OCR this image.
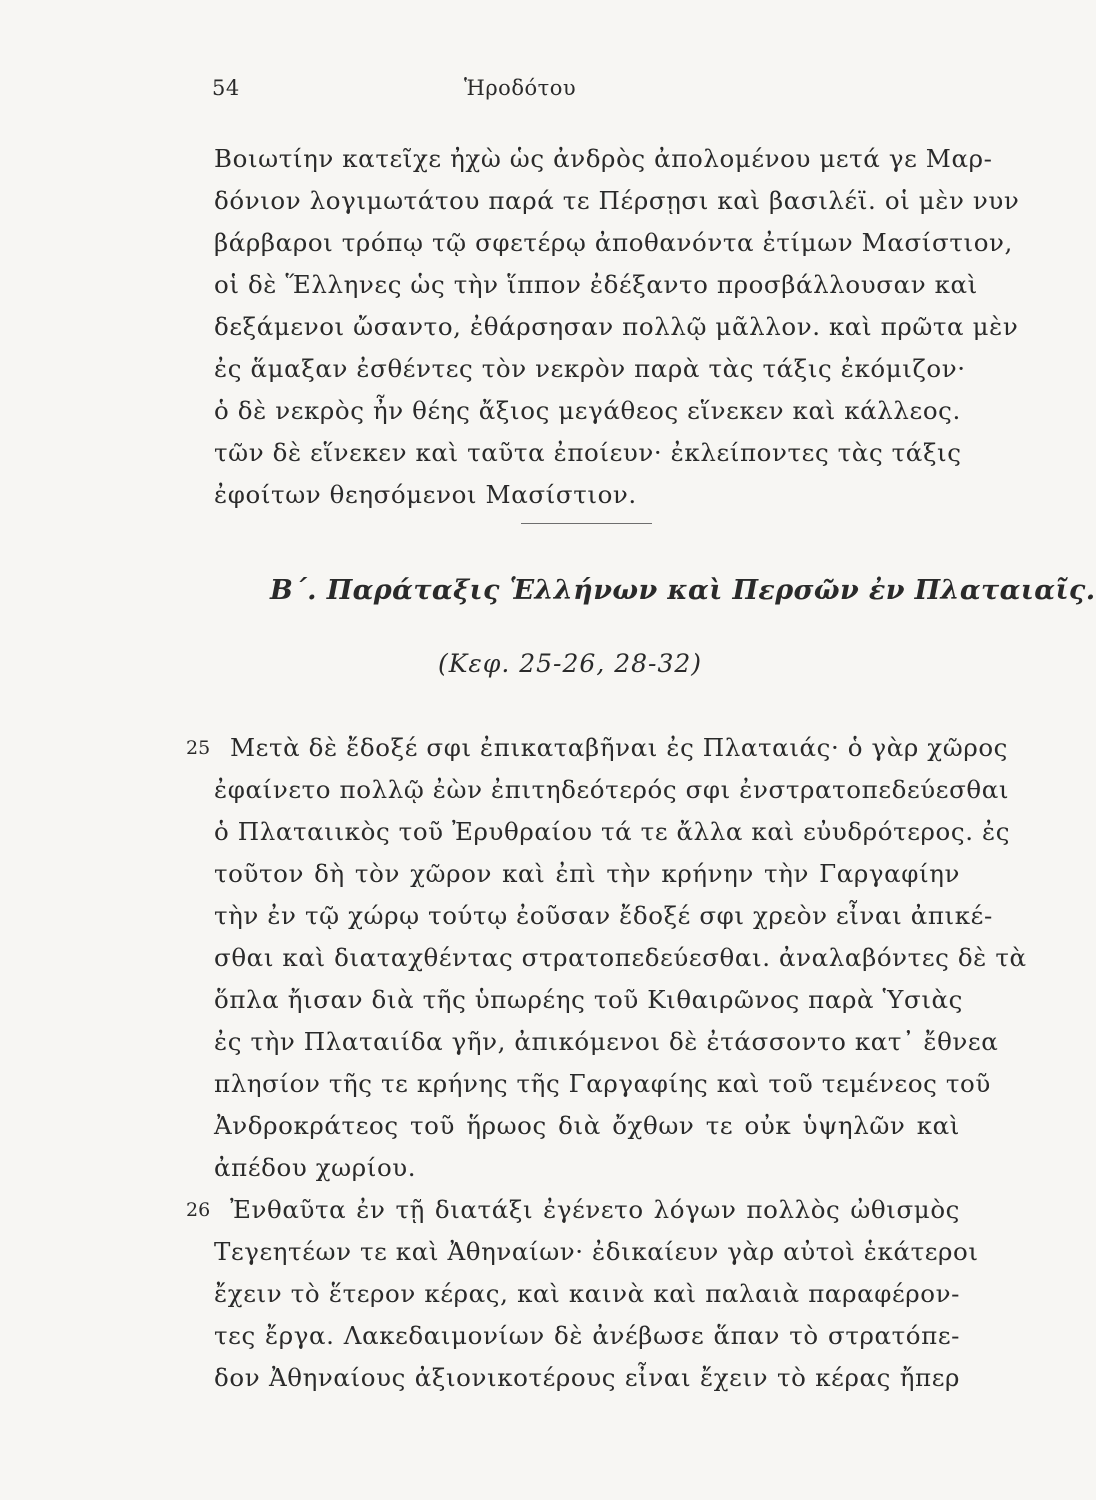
54	Ἡροδότου
Βοιωτίην κατεῖχε ἠχὼ ὡς ἀνδρὸς ἀπολομένου μετά γε Μαρ-
δόνιον λογιμωτάτου παρά τε Πέρσῃσι καὶ βασιλέϊ. οἱ μὲν νυν
βάρβαροι τρόπῳ τῷ σφετέρῳ ἀποθανόντα ἐτίμων Μασίστιον,
οἱ δὲ Ἕλληνες ὡς τὴν ἵππον ἐδέξαντο προσβάλλουσαν καὶ
δεξάμενοι ὤσαντο, ἐθάρσησαν πολλῷ μᾶλλον. καὶ πρῶτα μὲν
ἐς ἅμαξαν ἐσθέντες τὸν νεκρὸν παρὰ τὰς τάξις ἐκόμιζον·
ὁ δὲ νεκρὸς ἦν θέης ἄξιος μεγάθεος εἵνεκεν καὶ κάλλεος.
τῶν δὲ εἵνεκεν καὶ ταῦτα ἐποίευν· ἐκλείποντες τὰς τάξις
ἐφοίτων θεησόμενοι Μασίστιον.
Β΄. Παράταξις Ἑλλήνων καὶ Περσῶν ἐν Πλαταιαῖς.
(Κεφ. 25-26, 28-32)
25 Μετὰ δὲ ἔδοξέ σφι ἐπικαταβῆναι ἐς Πλαταιάς· ὁ γὰρ χῶρος
ἐφαίνετο πολλῷ ἐὼν ἐπιτηδεότερός σφι ἐνστρατοπεδεύεσθαι
ὁ Πλαταιικὸς τοῦ Ἐρυθραίου τά τε ἄλλα καὶ εὐυδρότερος. ἐς
τοῦτον δὴ τὸν χῶρον καὶ ἐπὶ τὴν κρήνην τὴν Γαργαφίην
τὴν ἐν τῷ χώρῳ τούτῳ ἐοῦσαν ἔδοξέ σφι χρεὸν εἶναι ἀπικέ-
σθαι καὶ διαταχθέντας στρατοπεδεύεσθαι. ἀναλαβόντες δὲ τὰ
ὅπλα ἤισαν διὰ τῆς ὑπωρέης τοῦ Κιθαιρῶνος παρὰ Ὑσιὰς
ἐς τὴν Πλαταιίδα γῆν, ἀπικόμενοι δὲ ἐτάσσοντο κατ᾽ ἔθνεα
πλησίον τῆς τε κρήνης τῆς Γαργαφίης καὶ τοῦ τεμένεος τοῦ
Ἀνδροκράτεος τοῦ ἥρωος διὰ ὄχθων τε οὐκ ὑψηλῶν καὶ
ἀπέδου χωρίου.
26 Ἐνθαῦτα ἐν τῇ διατάξι ἐγένετο λόγων πολλὸς ὠθισμὸς
Τεγεητέων τε καὶ Ἀθηναίων· ἐδικαίευν γὰρ αὐτοὶ ἑκάτεροι
ἔχειν τὸ ἕτερον κέρας, καὶ καινὰ καὶ παλαιὰ παραφέρον-
τες ἔργα. Λακεδαιμονίων δὲ ἀνέβωσε ἅπαν τὸ στρατόπε-
δον Ἀθηναίους ἀξιονικοτέρους εἶναι ἔχειν τὸ κέρας ἤπερ
